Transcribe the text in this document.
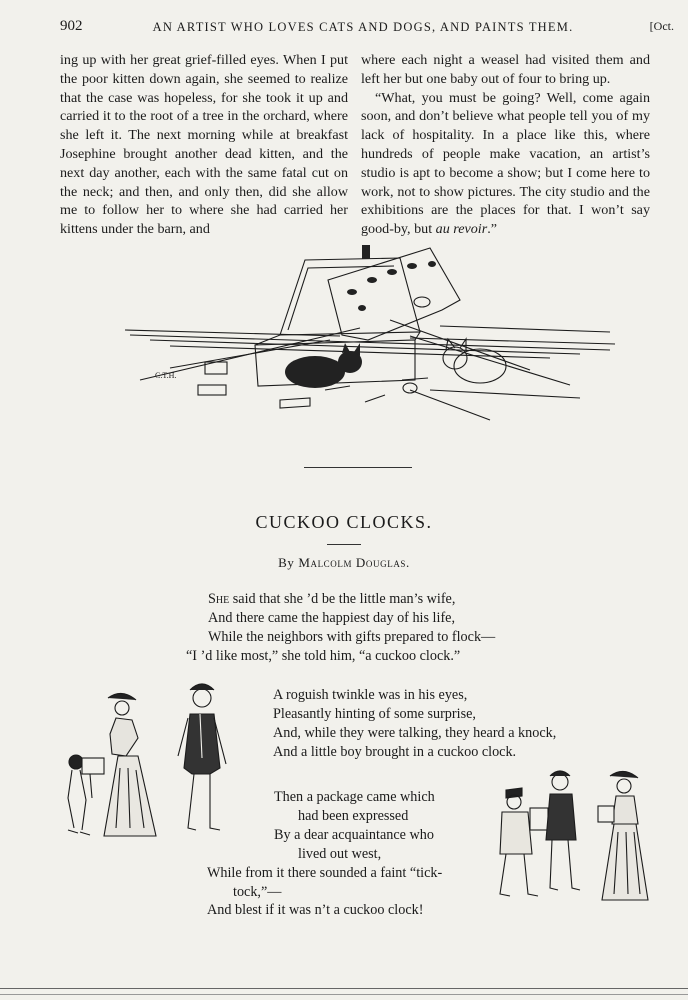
902	AN ARTIST WHO LOVES CATS AND DOGS, AND PAINTS THEM.	[Oct.

ing up with her great grief-filled eyes. When I put the poor kitten down again, she seemed to realize that the case was hopeless, for she took it up and carried it to the root of a tree in the orchard, where she left it. The next morning while at breakfast Josephine brought another dead kitten, and the next day another, each with the same fatal cut on the neck; and then, and only then, did she allow me to follow her to where she had carried her kittens under the barn, and

where each night a weasel had visited them and left her but one baby out of four to bring up.

“What, you must be going? Well, come again soon, and don’t believe what people tell you of my lack of hospitality. In a place like this, where hundreds of people make vacation, an artist’s studio is apt to become a show; but I come here to work, not to show pictures. The city studio and the exhibitions are the places for that. I won’t say good-by, but au revoir.”

C.T.H.
CUCKOO CLOCKS.
By Malcolm Douglas.
She said that she ’d be the little man’s wife,
And there came the happiest day of his life,
While the neighbors with gifts prepared to flock—
“I ’d like most,” she told him, “a cuckoo clock.”
A roguish twinkle was in his eyes,
Pleasantly hinting of some surprise,
And, while they were talking, they heard a knock,
And a little boy brought in a cuckoo clock.
Then a package came which
had been expressed
By a dear acquaintance who
lived out west,
While from it there sounded a faint “tick-
tock,”—
And blest if it was n’t a cuckoo clock!
